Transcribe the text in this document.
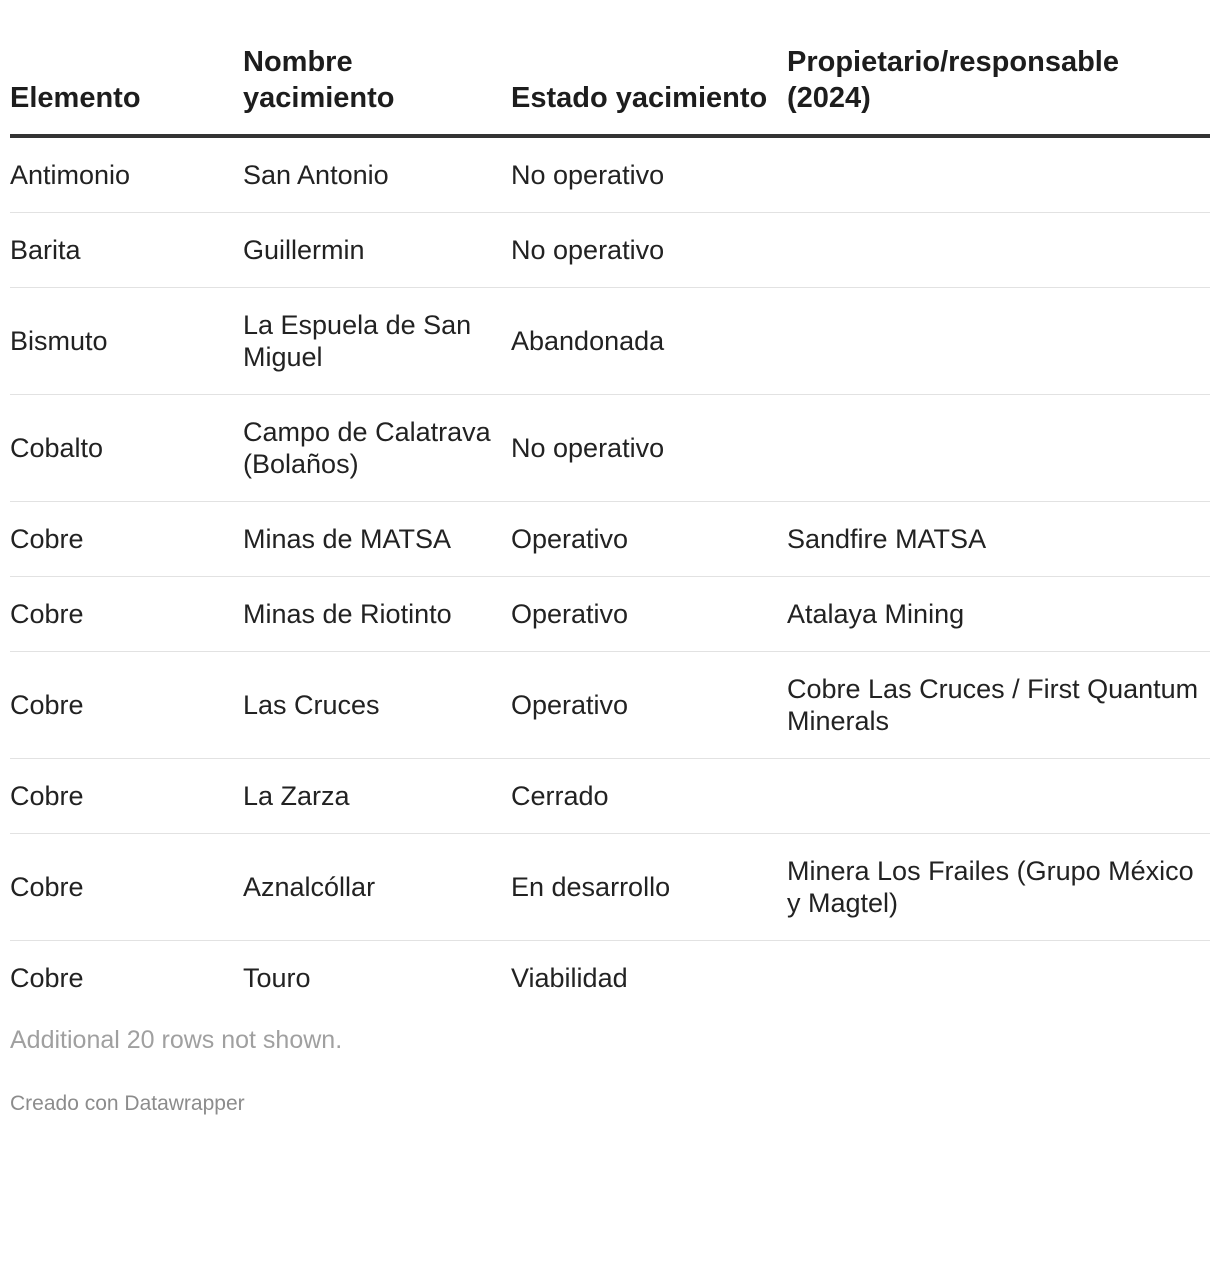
Elemento	Nombre yacimiento	Estado yacimiento	Propietario/responsable (2024)
Antimonio	San Antonio	No operativo	
Barita	Guillermin	No operativo	
Bismuto	La Espuela de San Miguel	Abandonada	
Cobalto	Campo de Calatrava (Bolaños)	No operativo	
Cobre	Minas de MATSA	Operativo	Sandfire MATSA
Cobre	Minas de Riotinto	Operativo	Atalaya Mining
Cobre	Las Cruces	Operativo	Cobre Las Cruces / First Quantum Minerals
Cobre	La Zarza	Cerrado	
Cobre	Aznalcóllar	En desarrollo	Minera Los Frailes (Grupo México y Magtel)
Cobre	Touro	Viabilidad	
Additional 20 rows not shown.
Creado con Datawrapper
